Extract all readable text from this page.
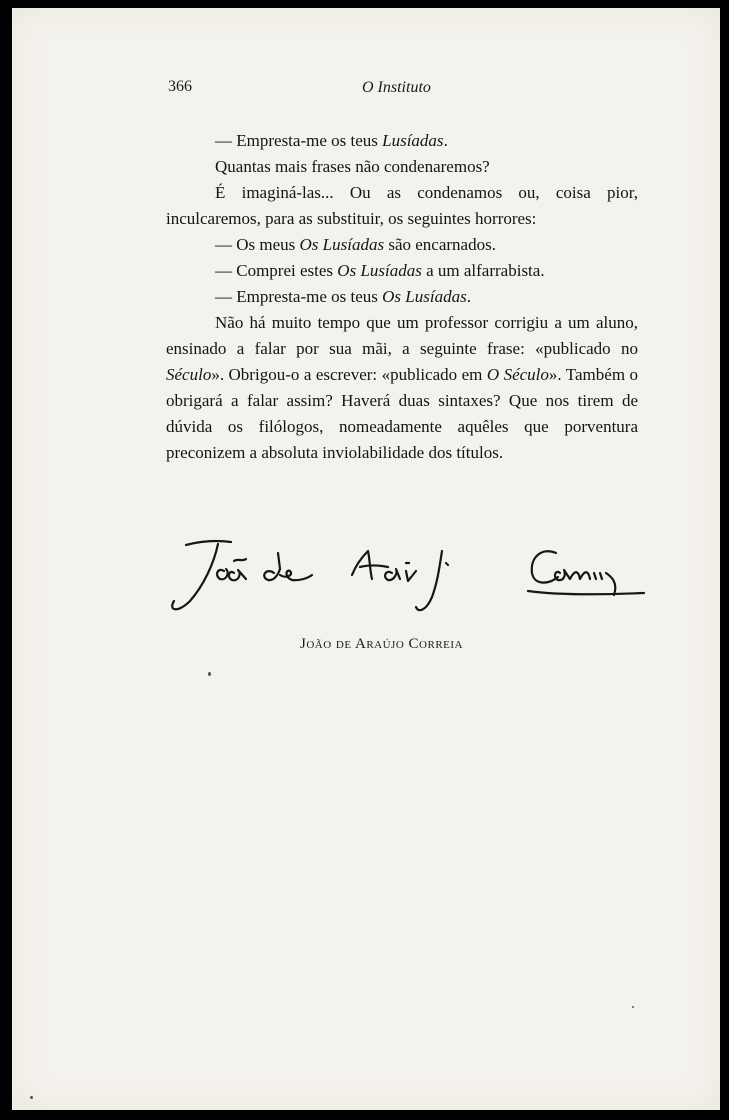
366	O Instituto

— Empresta-me os teus Lusíadas.

Quantas mais frases não condenaremos?

É imaginá-las... Ou as condenamos ou, coisa pior, inculcaremos, para as substituir, os seguintes horrores:

— Os meus Os Lusíadas são encarnados.

— Comprei estes Os Lusíadas a um alfarrabista.

— Empresta-me os teus Os Lusíadas.

Não há muito tempo que um professor corrigiu a um aluno, ensinado a falar por sua mãi, a seguinte frase: «publicado no Século». Obrigou-o a escrever: «publicado em O Século». Também o obrigará a falar assim? Haverá duas sintaxes? Que nos tirem de dúvida os filólogos, nomeadamente aquêles que porventura preconizem a absoluta inviolabilidade dos títulos.

João de Araújo Correia
